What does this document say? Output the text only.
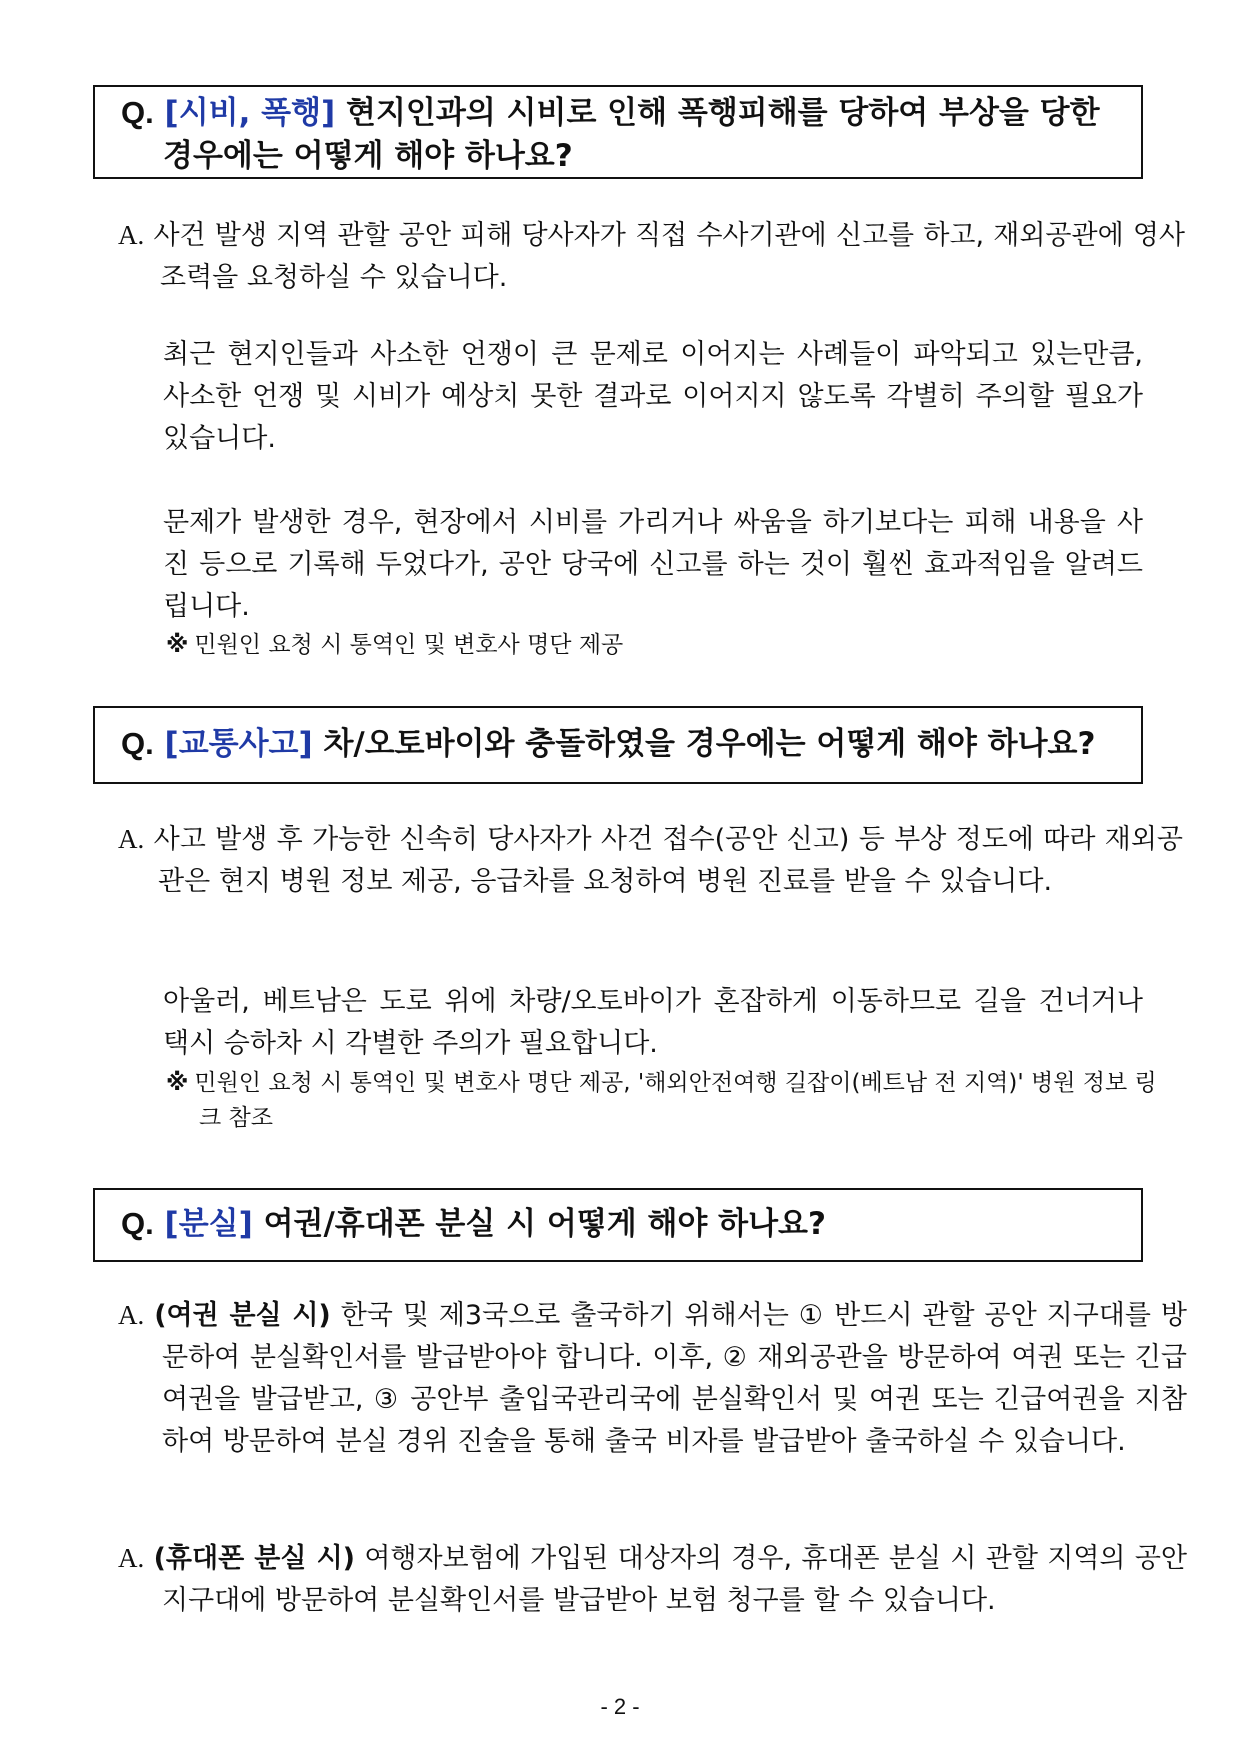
Q. [시비, 폭행] 현지인과의 시비로 인해 폭행피해를 당하여 부상을 당한 경우에는 어떻게 해야 하나요?

A. 사건 발생 지역 관할 공안 피해 당사자가 직접 수사기관에 신고를 하고, 재외공관에 영사조력을 요청하실 수 있습니다.

최근 현지인들과 사소한 언쟁이 큰 문제로 이어지는 사례들이 파악되고 있는만큼, 사소한 언쟁 및 시비가 예상치 못한 결과로 이어지지 않도록 각별히 주의할 필요가 있습니다.

문제가 발생한 경우, 현장에서 시비를 가리거나 싸움을 하기보다는 피해 내용을 사진 등으로 기록해 두었다가, 공안 당국에 신고를 하는 것이 훨씬 효과적임을 알려드립니다.

※ 민원인 요청 시 통역인 및 변호사 명단 제공

Q. [교통사고] 차/오토바이와 충돌하였을 경우에는 어떻게 해야 하나요?

A. 사고 발생 후 가능한 신속히 당사자가 사건 접수(공안 신고) 등 부상 정도에 따라 재외공관은 현지 병원 정보 제공, 응급차를 요청하여 병원 진료를 받을 수 있습니다.

아울러, 베트남은 도로 위에 차량/오토바이가 혼잡하게 이동하므로 길을 건너거나 택시 승하차 시 각별한 주의가 필요합니다.

※ 민원인 요청 시 통역인 및 변호사 명단 제공, '해외안전여행 길잡이(베트남 전 지역)' 병원 정보 링크 참조

Q. [분실] 여권/휴대폰 분실 시 어떻게 해야 하나요?

A. (여권 분실 시) 한국 및 제3국으로 출국하기 위해서는 ① 반드시 관할 공안 지구대를 방문하여 분실확인서를 발급받아야 합니다. 이후, ② 재외공관을 방문하여 여권 또는 긴급여권을 발급받고, ③ 공안부 출입국관리국에 분실확인서 및 여권 또는 긴급여권을 지참하여 방문하여 분실 경위 진술을 통해 출국 비자를 발급받아 출국하실 수 있습니다.

A. (휴대폰 분실 시) 여행자보험에 가입된 대상자의 경우, 휴대폰 분실 시 관할 지역의 공안 지구대에 방문하여 분실확인서를 발급받아 보험 청구를 할 수 있습니다.

- 2 -
